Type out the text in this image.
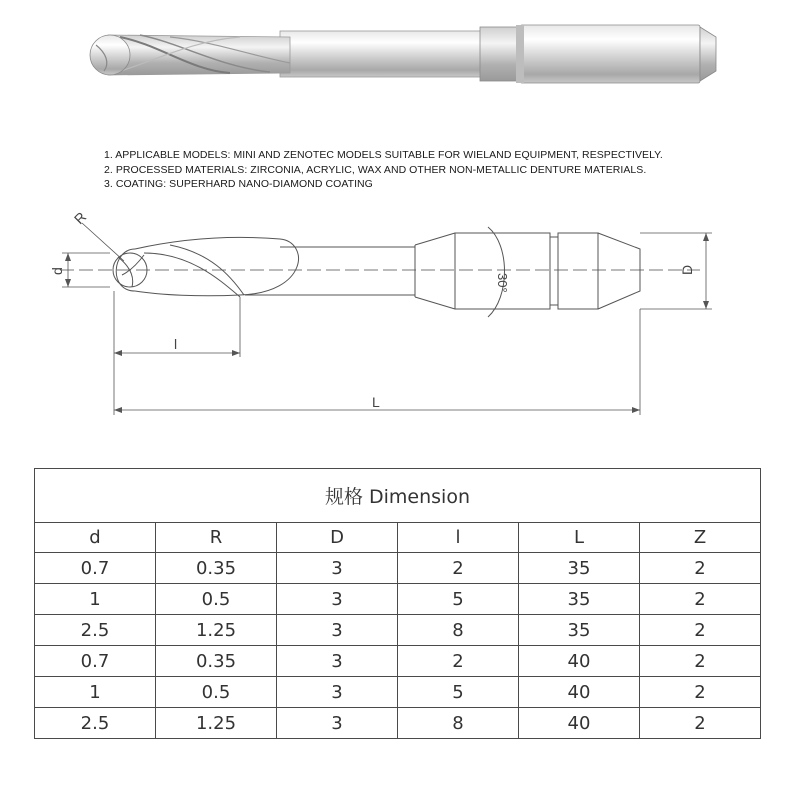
1. APPLICABLE MODELS: MINI AND ZENOTEC MODELS SUITABLE FOR WIELAND EQUIPMENT, RESPECTIVELY.
2. PROCESSED MATERIALS: ZIRCONIA, ACRYLIC, WAX AND OTHER NON-METALLIC DENTURE MATERIALS.
3. COATING: SUPERHARD NANO-DIAMOND COATING
R
d	D
30°
l
L
规格 Dimension					
d	R	D	l	L	Z
0.7	0.35	3	2	35	2
1	0.5	3	5	35	2
2.5	1.25	3	8	35	2
0.7	0.35	3	2	40	2
1	0.5	3	5	40	2
2.5	1.25	3	8	40	2
